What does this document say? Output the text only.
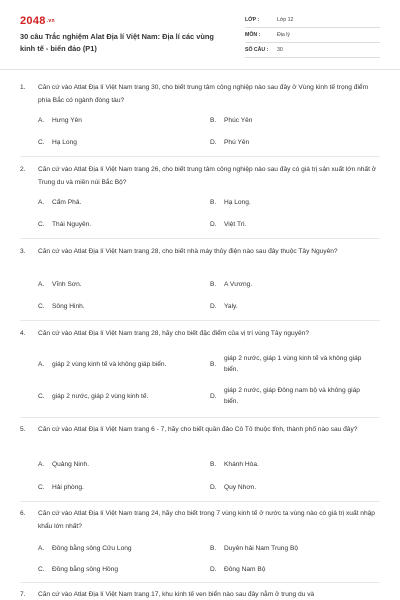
2048.vn
30 câu Trắc nghiệm Alat Địa lí Việt Nam: Địa lí các vùng kinh tế - biển đảo (P1)
LỚP :	Lớp 12
MÔN :	Địa lý
SỐ CÂU :	30
1. Căn cứ vào Atlat Địa lí Việt Nam trang 30, cho biết trung tâm công nghiệp nào sau đây ở Vùng kinh tế trọng điểm phía Bắc có ngành đóng tàu?
A.	Hưng Yên	B.	Phúc Yên
C.	Hạ Long	D.	Phú Yên
2. Căn cứ vào Atlat Địa lí Việt Nam trang 26, cho biết trung tâm công nghiệp nào sau đây có giá trị sản xuất lớn nhất ở Trung du và miền núi Bắc Bộ?
A.	Cẩm Phả.	B.	Hạ Long.
C.	Thái Nguyên.	D.	Việt Trì.
3. Căn cứ vào Atlat Địa lí Việt Nam trang 28, cho biết nhà máy thủy điện nào sau đây thuộc Tây Nguyên?
A.	Vĩnh Sơn.	B.	A Vương.
C.	Sông Hinh.	D.	Yaly.
4. Căn cứ vào Atlat Địa lí Việt Nam trang 28, hãy cho biết đặc điểm của vị trí vùng Tây nguyên?
A.	giáp 2 vùng kinh tế và không giáp biển.	B.
giáp 2 nước, giáp 1 vùng kinh tế và không giáp biển.
C.	giáp 2 nước, giáp 2 vùng kinh tế.	D.
giáp 2 nước, giáp Đông nam bộ và không giáp biển.
5. Căn cứ vào Atlat Địa lí Việt Nam trang 6 - 7, hãy cho biết quần đảo Cô Tô thuộc tỉnh, thành phố nào sau đây?
A.	Quảng Ninh.	B.	Khánh Hòa.
C.	Hải phòng.	D.	Quy Nhơn.
6. Căn cứ vào Atlat Địa lí Việt Nam trang 24, hãy cho biết trong 7 vùng kinh tế ở nước ta vùng nào có giá trị xuất nhập khẩu lớn nhất?
A.	Đồng bằng sông Cửu Long	B.	Duyên hải Nam Trung Bộ
C.	Đồng bằng sông Hồng	D.	Đông Nam Bộ
7. Căn cứ vào Atlat Địa lí Việt Nam trang 17, khu kinh tế ven biển nào sau đây nằm ở trung du và
